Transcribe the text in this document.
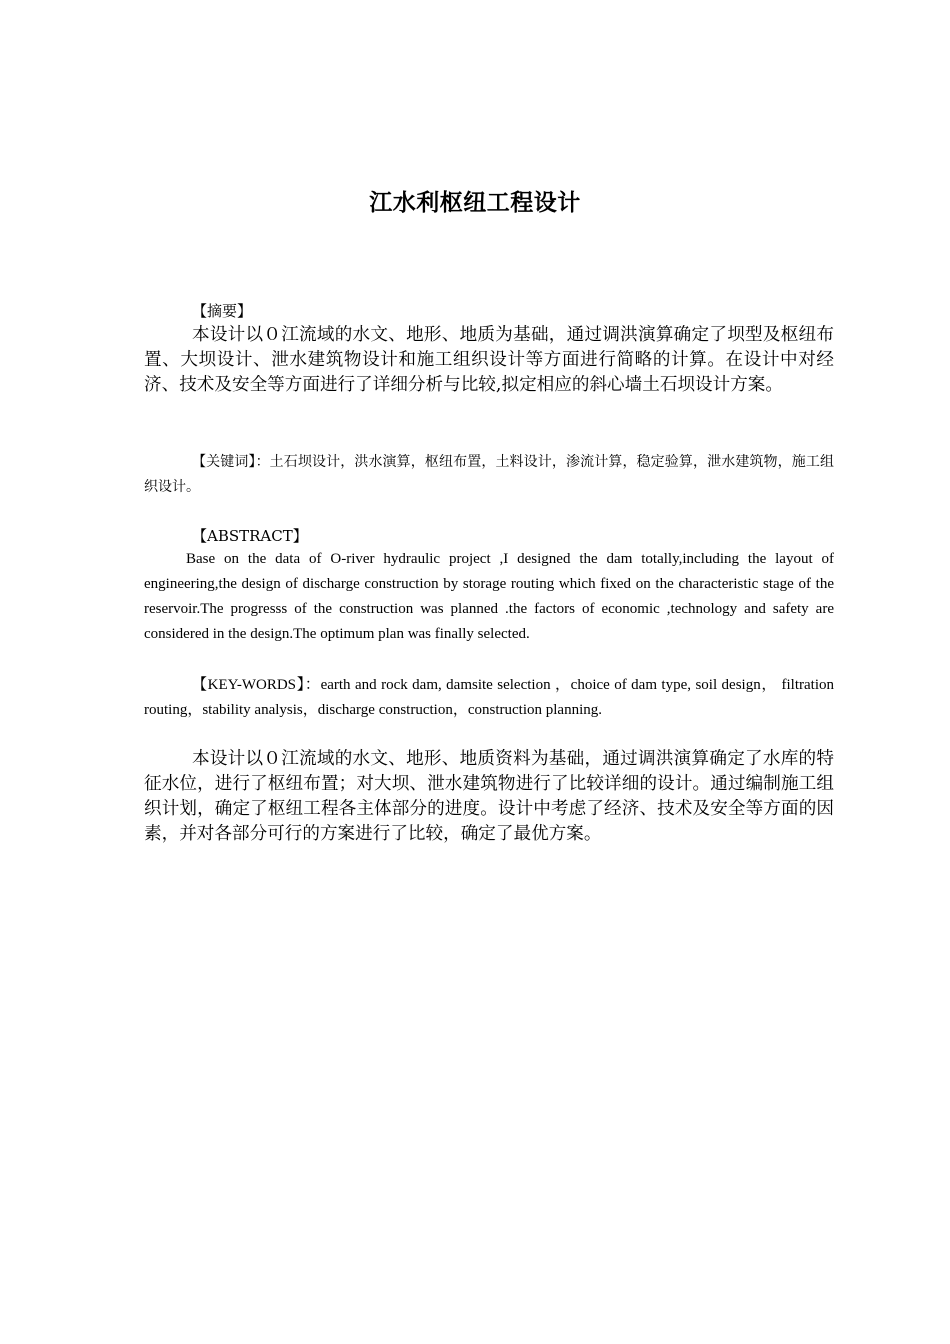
江水利枢纽工程设计
【摘要】

本设计以０江流域的水文、地形、地质为基础，通过调洪演算确定了坝型及枢纽布置、大坝设计、泄水建筑物设计和施工组织设计等方面进行简略的计算。在设计中对经济、技术及安全等方面进行了详细分析与比较,拟定相应的斜心墙土石坝设计方案。

【关键词】：土石坝设计，洪水演算，枢纽布置，土料设计，渗流计算，稳定验算，泄水建筑物，施工组织设计。

【ABSTRACT】

Base on the data of O-river hydraulic project ,I designed the dam totally,including the layout of engineering,the design of discharge construction by storage routing which fixed on the characteristic stage of the reservoir.The progresss of the construction was planned .the factors of economic ,technology and safety are considered in the design.The optimum plan was finally selected.

【KEY-WORDS】：earth and rock dam, damsite selection ，choice of dam type, soil design， filtration routing，stability analysis，discharge construction，construction planning.

本设计以０江流域的水文、地形、地质资料为基础，通过调洪演算确定了水库的特征水位，进行了枢纽布置；对大坝、泄水建筑物进行了比较详细的设计。通过编制施工组织计划，确定了枢纽工程各主体部分的进度。设计中考虑了经济、技术及安全等方面的因素，并对各部分可行的方案进行了比较，确定了最优方案。
